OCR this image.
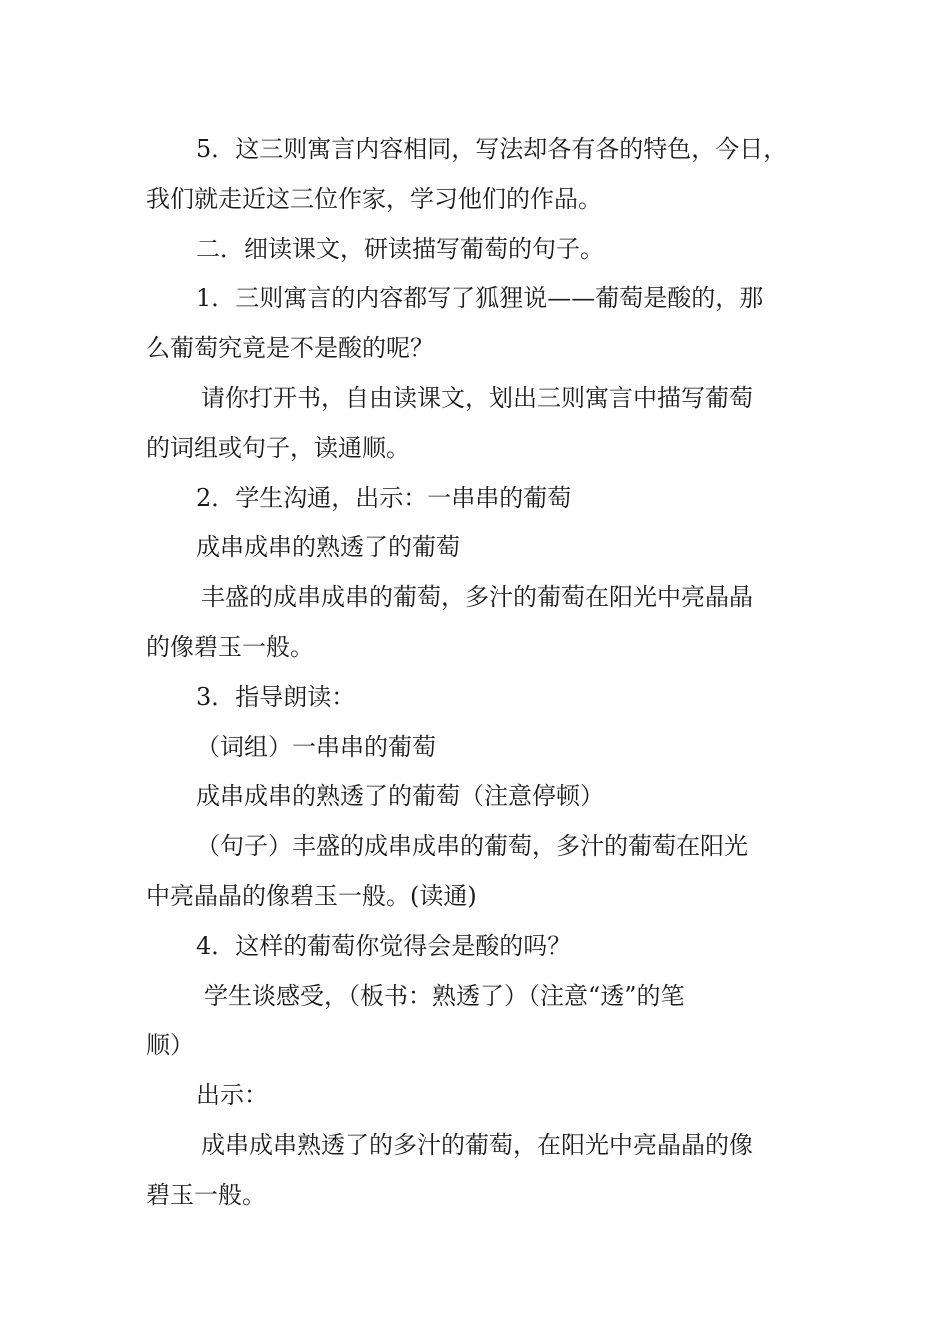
5．这三则寓言内容相同，写法却各有各的特色，今日，
我们就走近这三位作家，学习他们的作品。
二．细读课文，研读描写葡萄的句子。
1．三则寓言的内容都写了狐狸说——葡萄是酸的，那
么葡萄究竟是不是酸的呢？
请你打开书，自由读课文，划出三则寓言中描写葡萄
的词组或句子，读通顺。
2．学生沟通，出示：一串串的葡萄
成串成串的熟透了的葡萄
丰盛的成串成串的葡萄，多汁的葡萄在阳光中亮晶晶
的像碧玉一般。
3．指导朗读：
（词组）一串串的葡萄
成串成串的熟透了的葡萄（注意停顿）
（句子）丰盛的成串成串的葡萄，多汁的葡萄在阳光
中亮晶晶的像碧玉一般。(读通)
4．这样的葡萄你觉得会是酸的吗？
学生谈感受，（板书：熟透了）（注意“透”的笔
顺）
出示：
成串成串熟透了的多汁的葡萄，在阳光中亮晶晶的像
碧玉一般。
